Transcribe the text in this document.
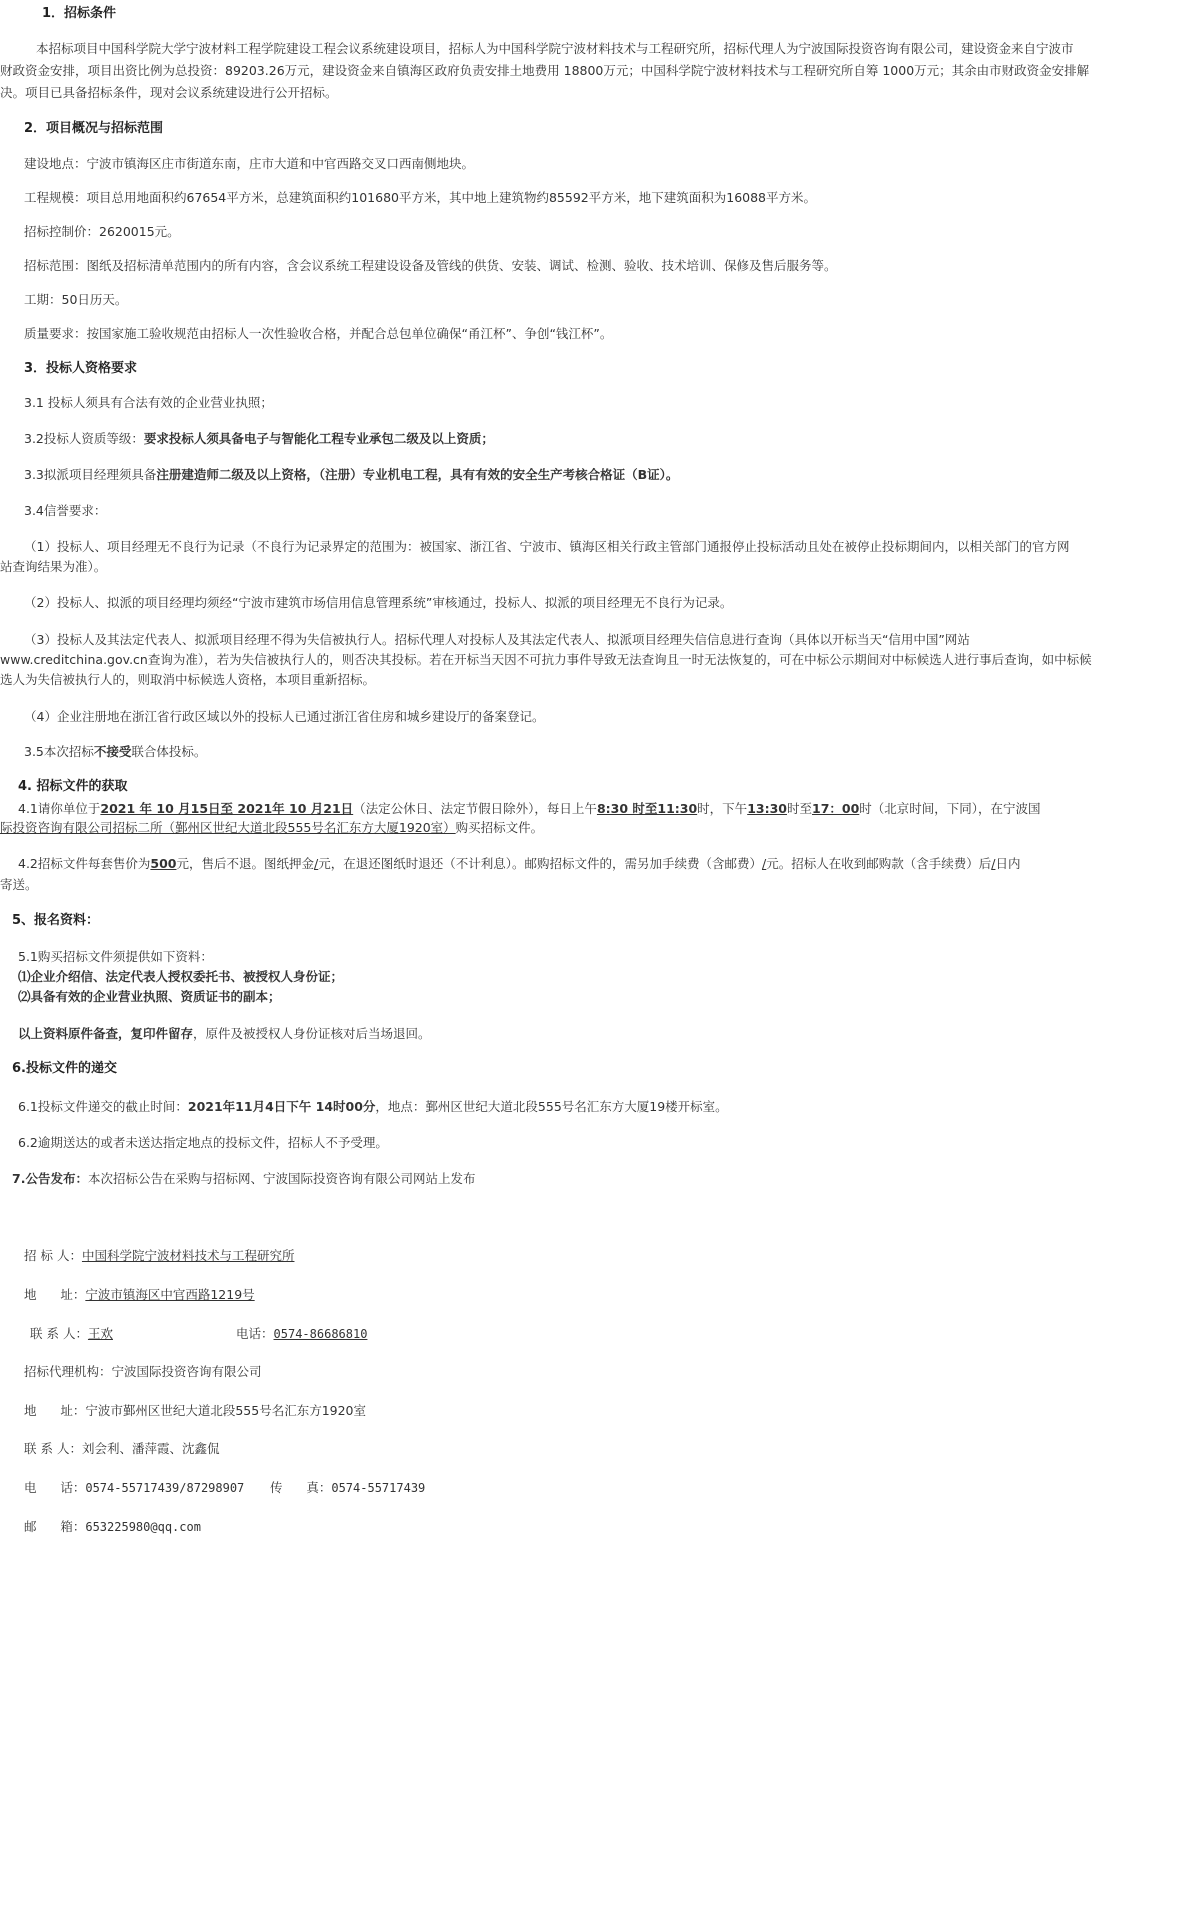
1．招标条件
本招标项目中国科学院大学宁波材料工程学院建设工程会议系统建设项目，招标人为中国科学院宁波材料技术与工程研究所，招标代理人为宁波国际投资咨询有限公司，建设资金来自宁波市
财政资金安排，项目出资比例为总投资：89203.26万元，建设资金来自镇海区政府负责安排土地费用 18800万元；中国科学院宁波材料技术与工程研究所自筹 1000万元；其余由市财政资金安排解
决。项目已具备招标条件，现对会议系统建设进行公开招标。
2．项目概况与招标范围
建设地点：宁波市镇海区庄市街道东南，庄市大道和中官西路交叉口西南侧地块。
工程规模：项目总用地面积约67654平方米，总建筑面积约101680平方米，其中地上建筑物约85592平方米，地下建筑面积为16088平方米。
招标控制价：2620015元。
招标范围：图纸及招标清单范围内的所有内容，含会议系统工程建设设备及管线的供货、安装、调试、检测、验收、技术培训、保修及售后服务等。
工期：50日历天。
质量要求：按国家施工验收规范由招标人一次性验收合格，并配合总包单位确保“甬江杯”、争创“钱江杯”。
3．投标人资格要求
3.1 投标人须具有合法有效的企业营业执照；
3.2投标人资质等级：要求投标人须具备电子与智能化工程专业承包二级及以上资质；
3.3拟派项目经理须具备注册建造师二级及以上资格，（注册）专业机电工程，具有有效的安全生产考核合格证（B证）。
3.4信誉要求：
（1）投标人、项目经理无不良行为记录（不良行为记录界定的范围为：被国家、浙江省、宁波市、镇海区相关行政主管部门通报停止投标活动且处在被停止投标期间内，以相关部门的官方网
站查询结果为准）。
（2）投标人、拟派的项目经理均须经“宁波市建筑市场信用信息管理系统”审核通过，投标人、拟派的项目经理无不良行为记录。
（3）投标人及其法定代表人、拟派项目经理不得为失信被执行人。招标代理人对投标人及其法定代表人、拟派项目经理失信信息进行查询（具体以开标当天“信用中国”网站
www.creditchina.gov.cn查询为准），若为失信被执行人的，则否决其投标。若在开标当天因不可抗力事件导致无法查询且一时无法恢复的，可在中标公示期间对中标候选人进行事后查询，如中标候
选人为失信被执行人的，则取消中标候选人资格，本项目重新招标。
（4）企业注册地在浙江省行政区域以外的投标人已通过浙江省住房和城乡建设厅的备案登记。
3.5本次招标不接受联合体投标。
4. 招标文件的获取
4.1请你单位于2021 年 10 月15日至 2021年 10 月21日（法定公休日、法定节假日除外），每日上午8:30 时至11:30时，下午13:30时至17：00时（北京时间，下同），在宁波国
际投资咨询有限公司招标二所（鄞州区世纪大道北段555号名汇东方大厦1920室）购买招标文件。
4.2招标文件每套售价为500元，售后不退。图纸押金/元，在退还图纸时退还（不计利息）。邮购招标文件的，需另加手续费（含邮费）/元。招标人在收到邮购款（含手续费）后/日内
寄送。
5、报名资料：
5.1购买招标文件须提供如下资料：
⑴企业介绍信、法定代表人授权委托书、被授权人身份证；
⑵具备有效的企业营业执照、资质证书的副本；
以上资料原件备查，复印件留存，原件及被授权人身份证核对后当场退回。
6.投标文件的递交
6.1投标文件递交的截止时间：2021年11月4日下午 14时00分，地点：鄞州区世纪大道北段555号名汇东方大厦19楼开标室。
6.2逾期送达的或者未送达指定地点的投标文件，招标人不予受理。
7.公告发布：本次招标公告在采购与招标网、宁波国际投资咨询有限公司网站上发布
招 标 人：中国科学院宁波材料技术与工程研究所
地      址：宁波市镇海区中官西路1219号
联 系 人：王欢	电话：0574-86686810
招标代理机构：宁波国际投资咨询有限公司
地      址：宁波市鄞州区世纪大道北段555号名汇东方1920室
联 系 人：刘会利、潘萍霞、沈鑫侃
电      话：0574-55717439/87298907 传      真：0574-55717439
邮      箱：653225980@qq.com
